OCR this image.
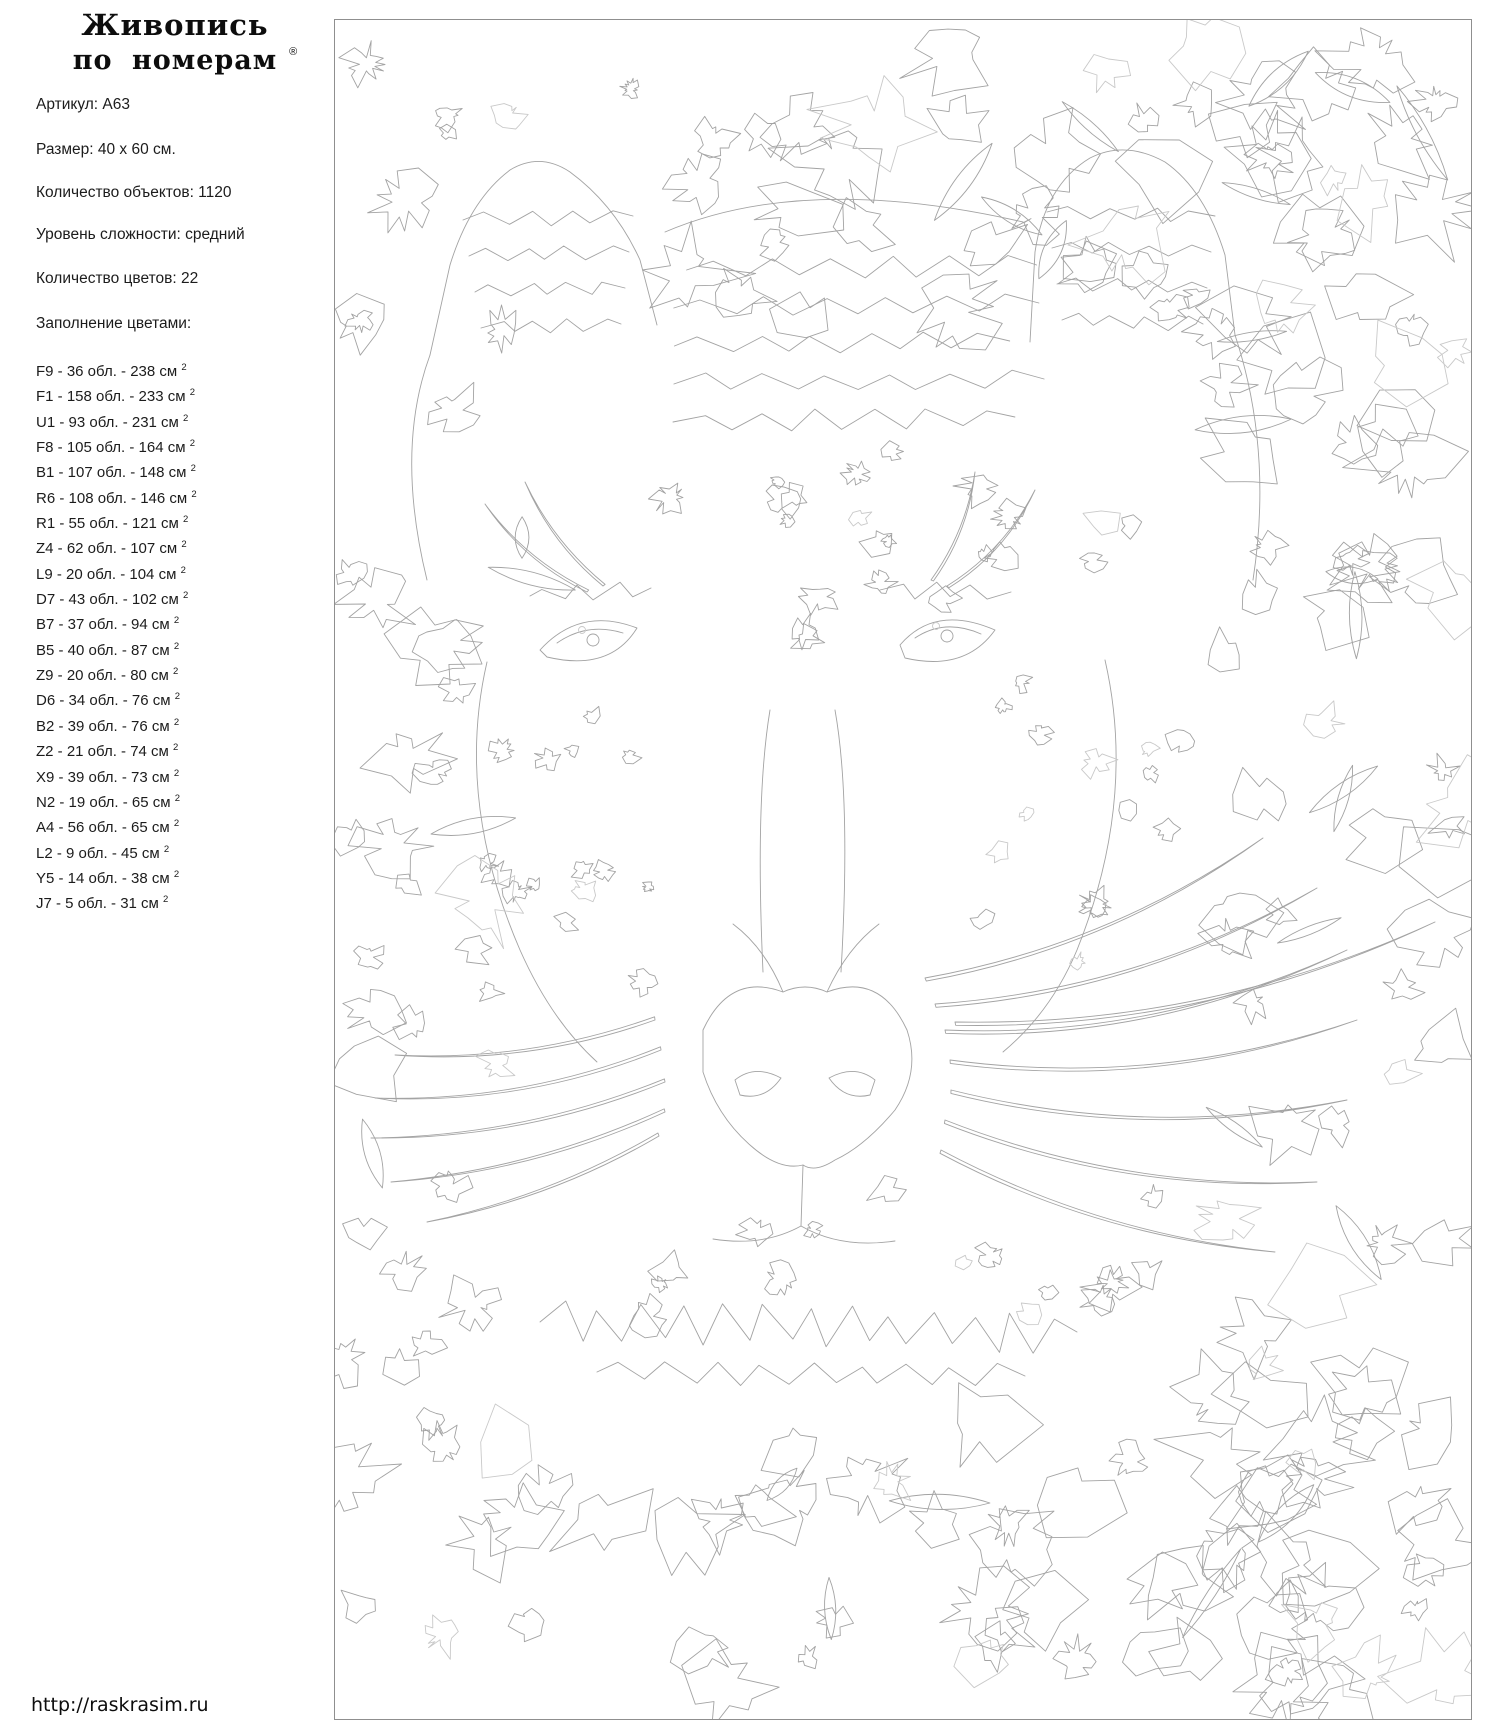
Живопись
по номерам ®
Артикул: A63
Размер: 40 x 60 см.
Количество объектов: 1120
Уровень сложности: средний
Количество цветов: 22
Заполнение цветами:
F9 - 36 обл. - 238 см $^2$
F1 - 158 обл. - 233 см $^2$
U1 - 93 обл. - 231 см $^2$
F8 - 105 обл. - 164 см $^2$
B1 - 107 обл. - 148 см $^2$
R6 - 108 обл. - 146 см $^2$
R1 - 55 обл. - 121 см $^2$
Z4 - 62 обл. - 107 см $^2$
L9 - 20 обл. - 104 см $^2$
D7 - 43 обл. - 102 см $^2$
B7 - 37 обл. - 94 см $^2$
B5 - 40 обл. - 87 см $^2$
Z9 - 20 обл. - 80 см $^2$
D6 - 34 обл. - 76 см $^2$
B2 - 39 обл. - 76 см $^2$
Z2 - 21 обл. - 74 см $^2$
X9 - 39 обл. - 73 см $^2$
N2 - 19 обл. - 65 см $^2$
A4 - 56 обл. - 65 см $^2$
L2 - 9 обл. - 45 см $^2$
Y5 - 14 обл. - 38 см $^2$
J7 - 5 обл. - 31 см $^2$
http://raskrasim.ru
